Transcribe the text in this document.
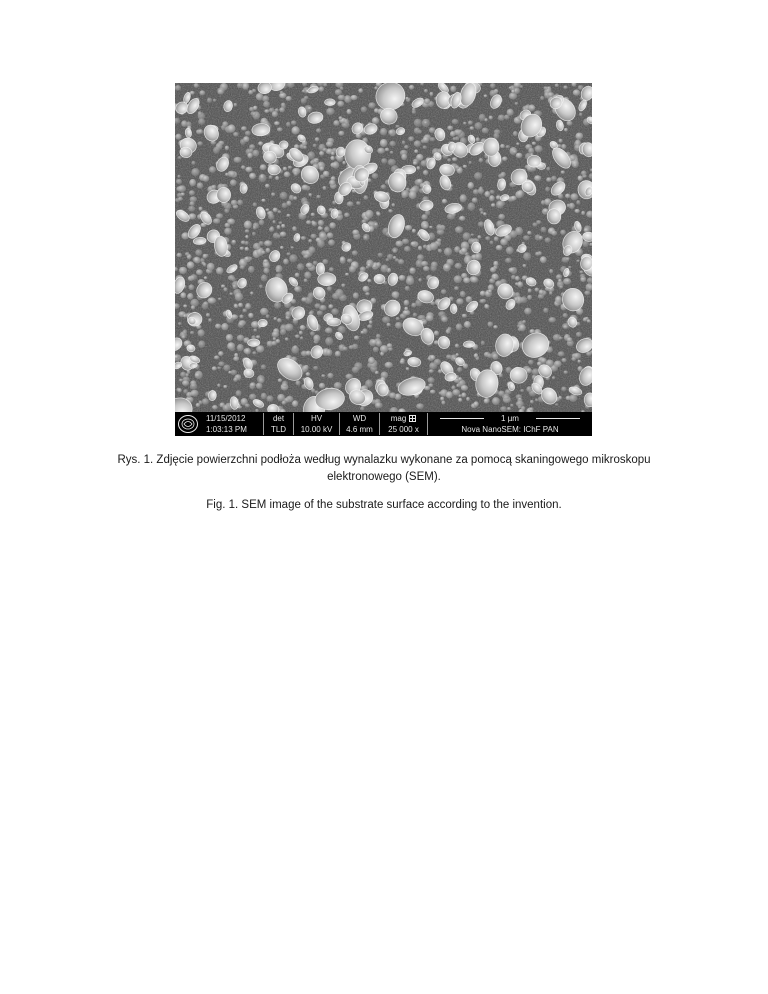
11/15/2012
1:03:13 PM
det
TLD
HV
10.00 kV
WD
4.6 mm
mag
25 000 x
1 µm
Nova NanoSEM: IChF PAN
Rys. 1. Zdjęcie powierzchni podłoża według wynalazku wykonane za pomocą skaningowego mikroskopu elektronowego (SEM).
Fig. 1. SEM image of the substrate surface according to the invention.
